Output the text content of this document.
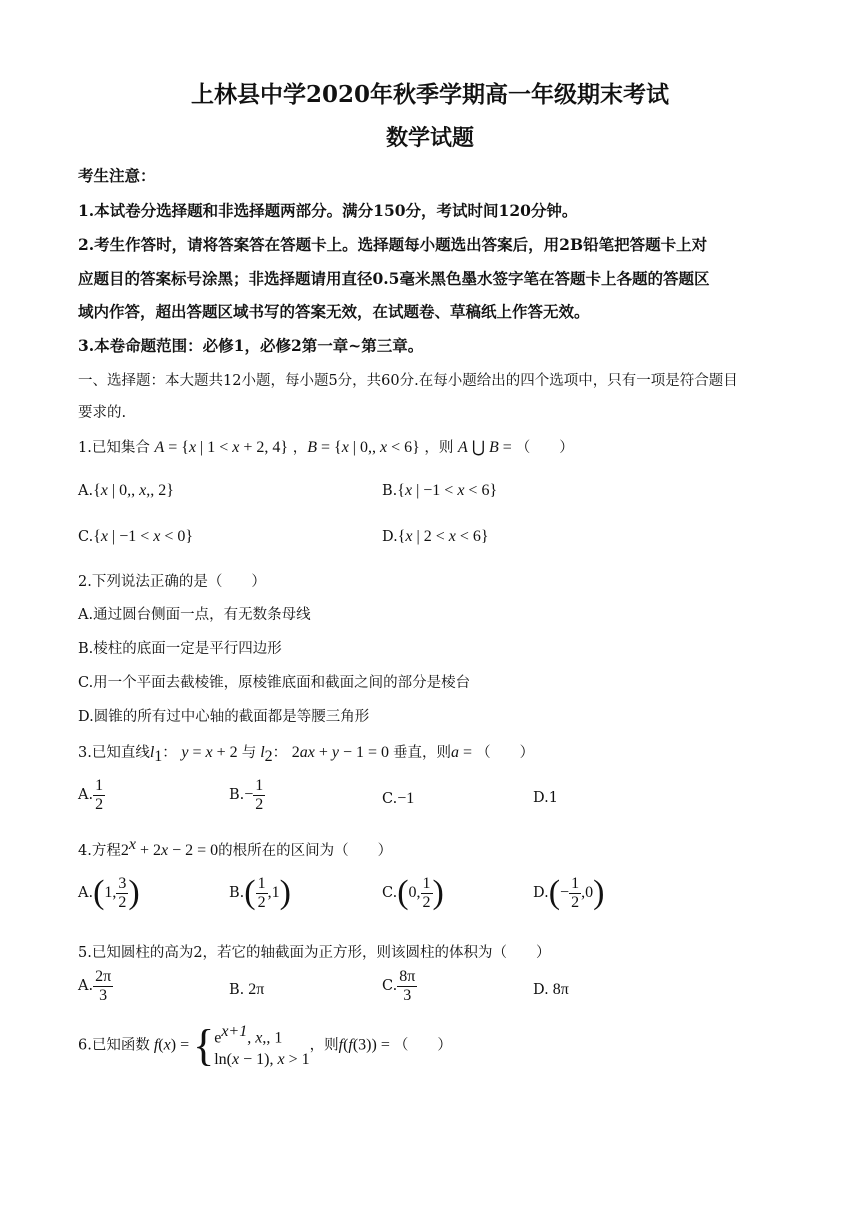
上林县中学2020年秋季学期高一年级期末考试
数学试题
考生注意：
1.本试卷分选择题和非选择题两部分。满分150分，考试时间120分钟。
2.考生作答时，请将答案答在答题卡上。选择题每小题选出答案后，用2B铅笔把答题卡上对
应题目的答案标号涂黑；非选择题请用直径0.5毫米黑色墨水签字笔在答题卡上各题的答题区
域内作答，超出答题区域书写的答案无效，在试题卷、草稿纸上作答无效。
3.本卷命题范围：必修1，必修2第一章~第三章。
一、选择题：本大题共12小题，每小题5分，共60分.在每小题给出的四个选项中，只有一项是符合题目
要求的.
1.已知集合 A = {x | 1 < x + 2, 4} ，B = {x | 0,, x < 6} ，则 A ⋃ B = （　　）
A.{x | 0,, x,, 2}	B.{x | −1 < x < 6}
C.{x | −1 < x < 0}	D.{x | 2 < x < 6}
2.下列说法正确的是（　　）
A.通过圆台侧面一点，有无数条母线
B.棱柱的底面一定是平行四边形
C.用一个平面去截棱锥，原棱锥底面和截面之间的部分是棱台
D.圆锥的所有过中心轴的截面都是等腰三角形
3.已知直线$l_1$： y = x + 2 与 $l_2$： 2ax + y − 1 = 0 垂直，则a = （　　）
A. $\frac{1}{2}$	$B.- \frac{1}{2}$	C.−1	D.1
4.方程$2^x + 2x - 2 = 0$的根所在的区间为（　　）
A.(1, $\frac{3}{2}$ )	$B.( \frac{1}{2} ,1)$	C.(0, $\frac{1}{2}$ )	$D.(- \frac{1}{2} ,0)$
5.已知圆柱的高为2，若它的轴截面为正方形，则该圆柱的体积为（　　）
A. $\frac{2\pi}{3}$	B. 2π	C. $\frac{8\pi}{3}$	D. 8π
6.已知函数 f(x) = { $e^{x+1}$, x,, 1
ln(x − 1), x > 1
，则f(f(3)) = （　　）
